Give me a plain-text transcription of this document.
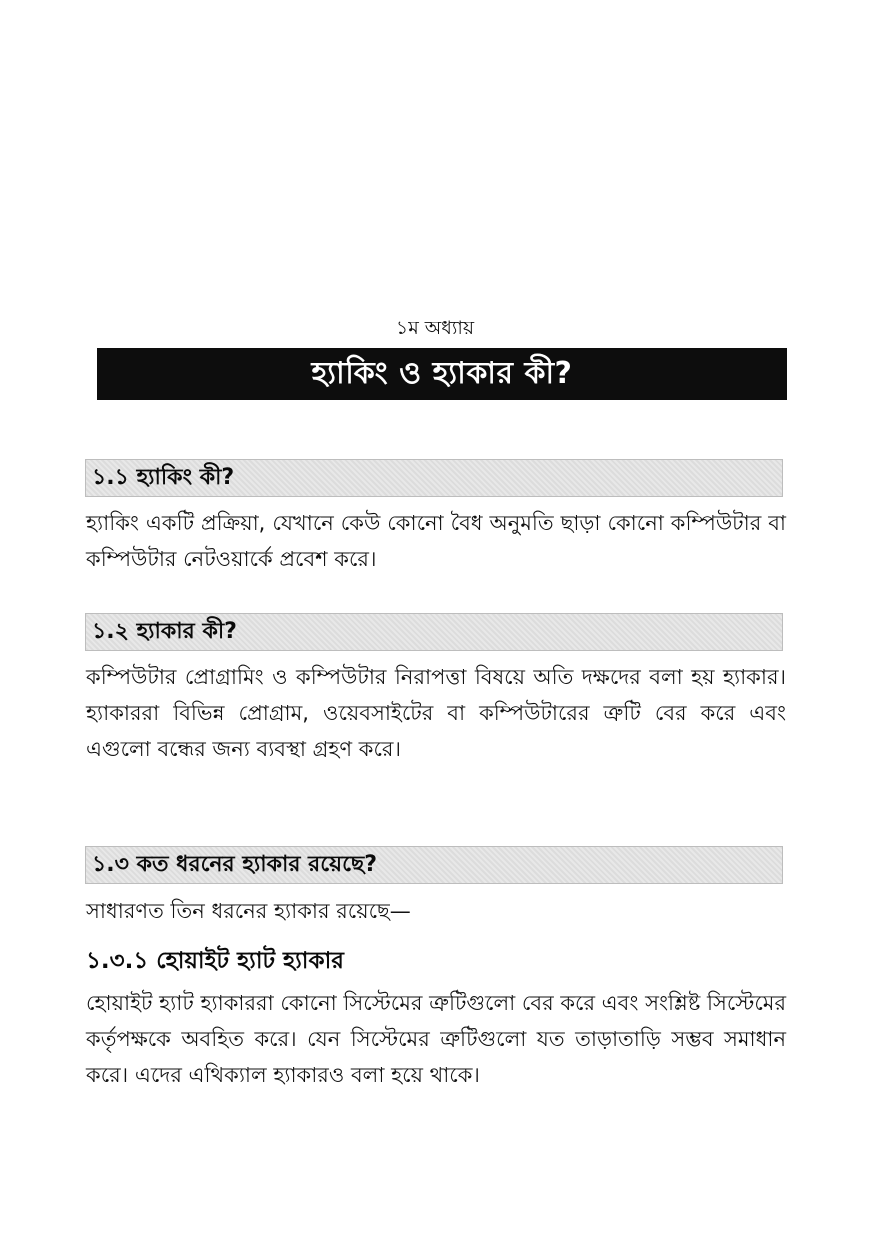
১ম অধ্যায়
হ্যাকিং ও হ্যাকার কী?
১.১ হ্যাকিং কী?

হ্যাকিং একটি প্রক্রিয়া, যেখানে কেউ কোনো বৈধ অনুমতি ছাড়া কোনো কম্পিউটার বা কম্পিউটার নেটওয়ার্কে প্রবেশ করে।

১.২ হ্যাকার কী?

কম্পিউটার প্রোগ্রামিং ও কম্পিউটার নিরাপত্তা বিষয়ে অতি দক্ষদের বলা হয় হ্যাকার। হ্যাকাররা বিভিন্ন প্রোগ্রাম, ওয়েবসাইটের বা কম্পিউটারের ত্রুটি বের করে এবং এগুলো বন্ধের জন্য ব্যবস্থা গ্রহণ করে।

১.৩ কত ধরনের হ্যাকার রয়েছে?

সাধারণত তিন ধরনের হ্যাকার রয়েছে—

১.৩.১ হোয়াইট হ্যাট হ্যাকার

হোয়াইট হ্যাট হ্যাকাররা কোনো সিস্টেমের ত্রুটিগুলো বের করে এবং সংশ্লিষ্ট সিস্টেমের কর্তৃপক্ষকে অবহিত করে। যেন সিস্টেমের ত্রুটিগুলো যত তাড়াতাড়ি সম্ভব সমাধান করে। এদের এথিক্যাল হ্যাকারও বলা হয়ে থাকে।
